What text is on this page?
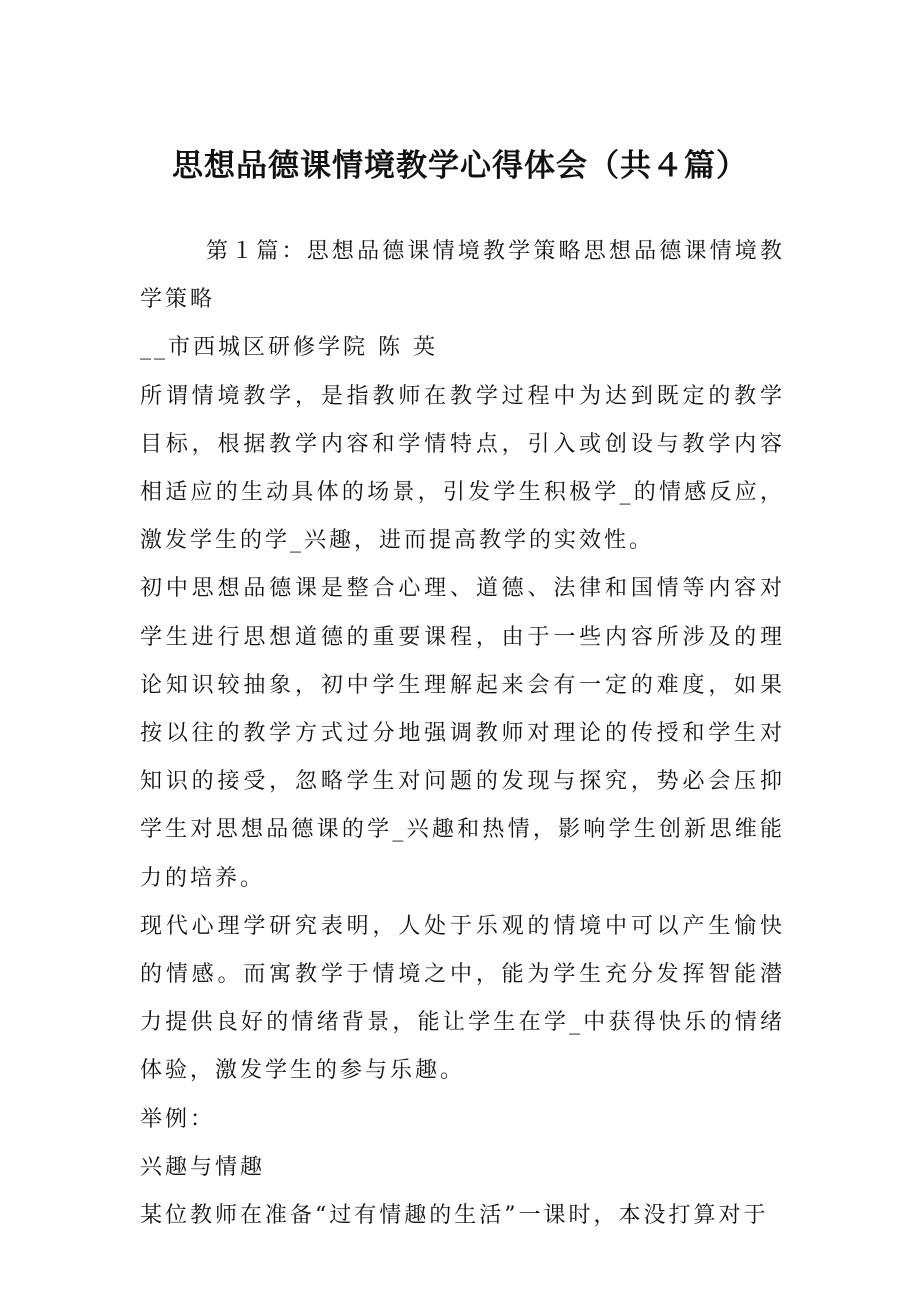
思想品德课情境教学心得体会（共４篇）

第１篇：思想品德课情境教学策略思想品德课情境教学策略

__市西城区研修学院 陈 英

所谓情境教学，是指教师在教学过程中为达到既定的教学目标，根据教学内容和学情特点，引入或创设与教学内容相适应的生动具体的场景，引发学生积极学_的情感反应，激发学生的学_兴趣，进而提高教学的实效性。

初中思想品德课是整合心理、道德、法律和国情等内容对学生进行思想道德的重要课程，由于一些内容所涉及的理论知识较抽象，初中学生理解起来会有一定的难度，如果按以往的教学方式过分地强调教师对理论的传授和学生对知识的接受，忽略学生对问题的发现与探究，势必会压抑学生对思想品德课的学_兴趣和热情，影响学生创新思维能力的培养。

现代心理学研究表明，人处于乐观的情境中可以产生愉快的情感。而寓教学于情境之中，能为学生充分发挥智能潜力提供良好的情绪背景，能让学生在学_中获得快乐的情绪体验，激发学生的参与乐趣。

举例：

兴趣与情趣

某位教师在准备“过有情趣的生活”一课时，本没打算对于
